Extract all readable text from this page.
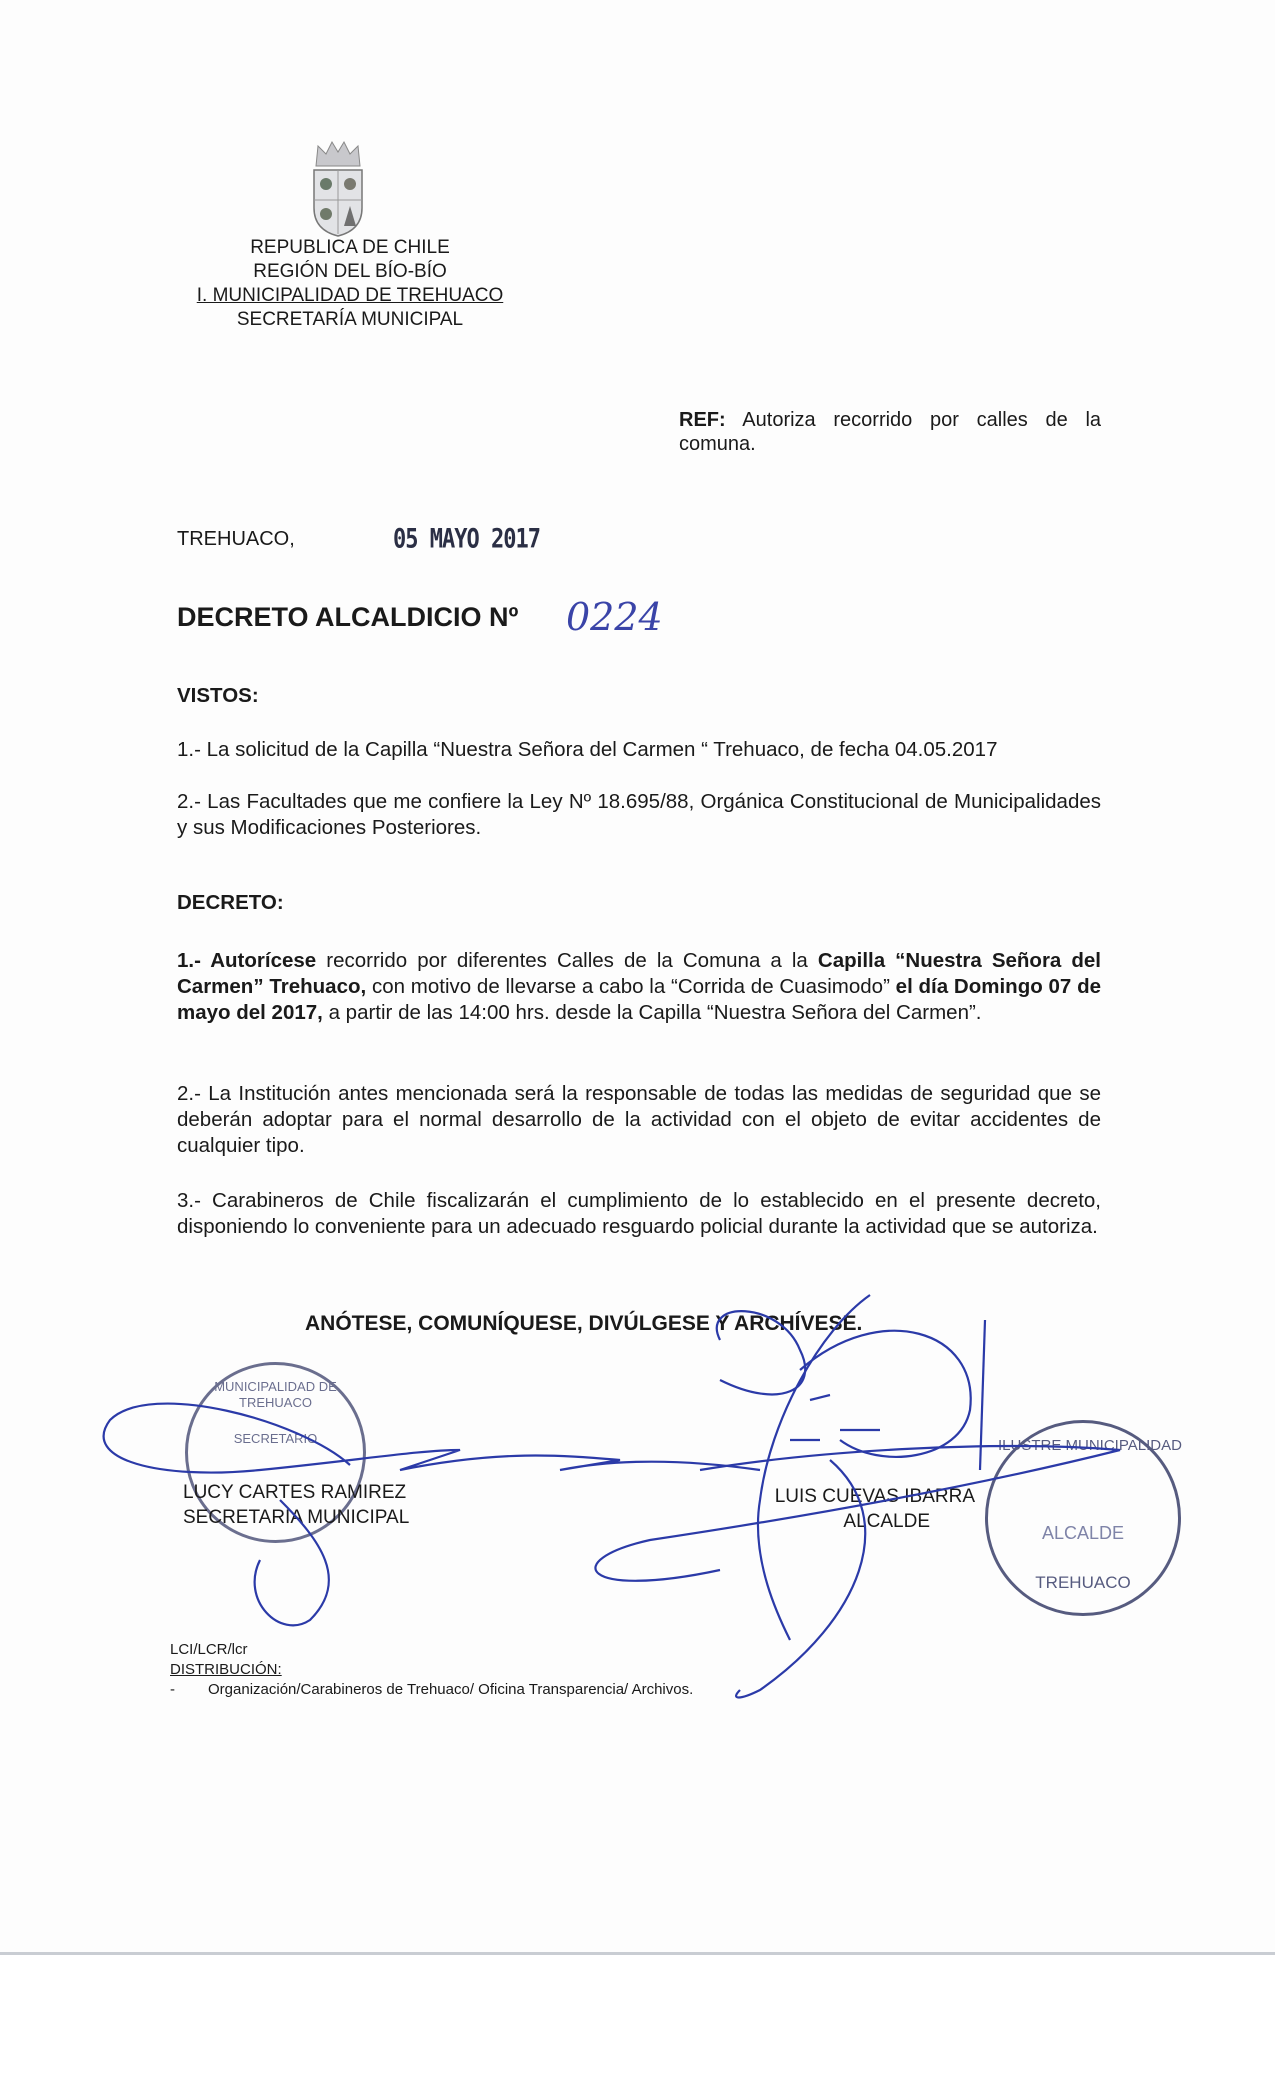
REPUBLICA DE CHILE
REGIÓN DEL BÍO-BÍO
I. MUNICIPALIDAD DE TREHUACO
SECRETARÍA MUNICIPAL
REF: Autoriza recorrido por calles de la comuna.
TREHUACO,	05 MAYO 2017
DECRETO ALCALDICIO Nº 0224
VISTOS:
1.- La solicitud de la Capilla “Nuestra Señora del Carmen “ Trehuaco, de fecha 04.05.2017
2.- Las Facultades que me confiere la Ley Nº 18.695/88, Orgánica Constitucional de Municipalidades y sus Modificaciones Posteriores.
DECRETO:
1.- Autorícese recorrido por diferentes Calles de la Comuna a la Capilla “Nuestra Señora del Carmen” Trehuaco, con motivo de llevarse a cabo la “Corrida de Cuasimodo” el día Domingo 07 de mayo del 2017, a partir de las 14:00 hrs. desde la Capilla “Nuestra Señora del Carmen”.
2.- La Institución antes mencionada será la responsable de todas las medidas de seguridad que se deberán adoptar para el normal desarrollo de la actividad con el objeto de evitar accidentes de cualquier tipo.
3.- Carabineros de Chile fiscalizarán el cumplimiento de lo establecido en el presente decreto, disponiendo lo conveniente para un adecuado resguardo policial durante la actividad que se autoriza.
ANÓTESE, COMUNÍQUESE, DIVÚLGESE Y ARCHÍVESE.
MUNICIPALIDAD DE TREHUACO
SECRETARIO	ILUSTRE MUNICIPALIDAD
ALCALDE
TREHUACO
LUCY CARTES RAMIREZ
SECRETARIA MUNICIPAL
LUIS CUEVAS IBARRA
ALCALDE
LCI/LCR/lcr
DISTRIBUCIÓN:
- Organización/Carabineros de Trehuaco/ Oficina Transparencia/ Archivos.
